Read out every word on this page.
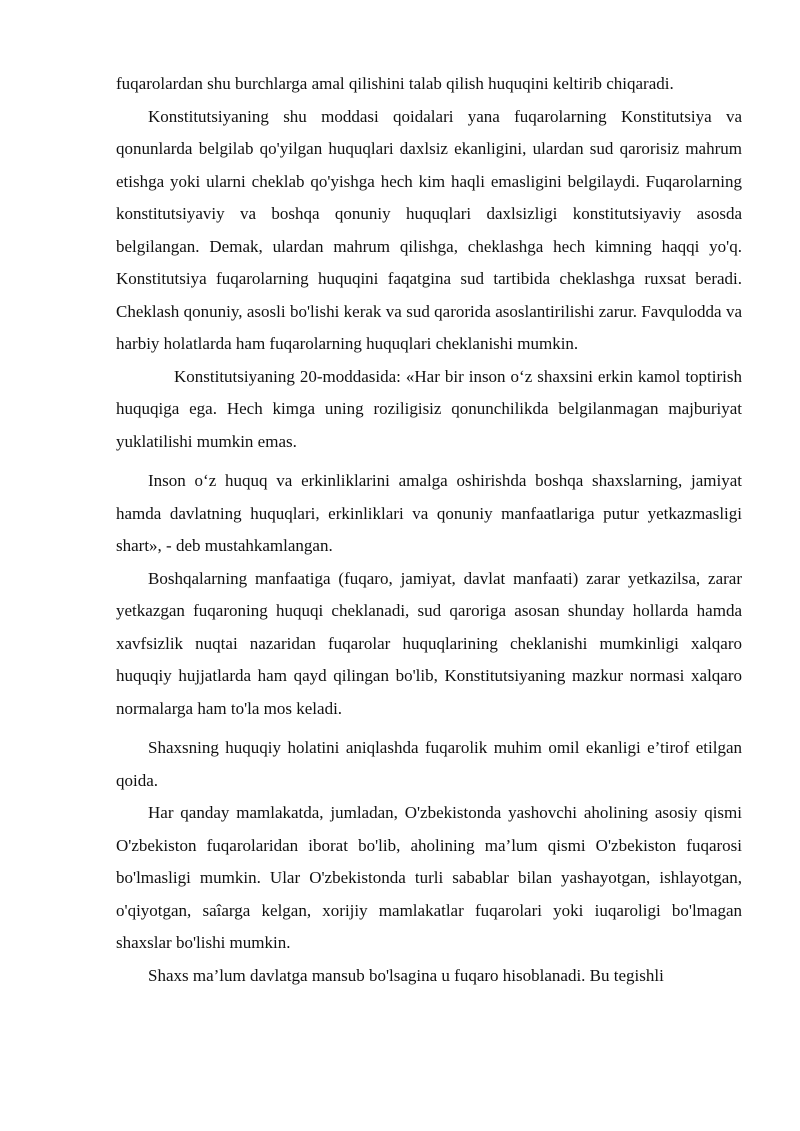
fuqarolardan shu burchlarga amal qilishini talab qilish huquqini keltirib chiqaradi.

Konstitutsiyaning shu moddasi qoidalari yana fuqarolarning Konstitutsiya va qonunlarda belgilab qo'yilgan huquqlari daxlsiz ekanligini, ulardan sud qarorisiz mahrum etishga yoki ularni cheklab qo'yishga hech kim haqli emasligini belgilaydi. Fuqarolarning konstitutsiyaviy va boshqa qonuniy huquqlari daxlsizligi konstitutsiyaviy asosda belgilangan. Demak, ulardan mahrum qilishga, cheklashga hech kimning haqqi yo'q. Konstitutsiya fuqarolarning huquqini faqatgina sud tartibida cheklashga ruxsat beradi. Cheklash qonuniy, asosli bo'lishi kerak va sud qarorida asoslantirilishi zarur. Favqulodda va harbiy holatlarda ham fuqarolarning huquqlari cheklanishi mumkin.

Konstitutsiyaning 20-moddasida: «Har bir inson o‘z shaxsini erkin kamol toptirish huquqiga ega. Hech kimga uning roziligisiz qonunchilikda belgilanmagan majburiyat yuklatilishi mumkin emas.

Inson o‘z huquq va erkinliklarini amalga oshirishda boshqa shaxslarning, jamiyat hamda davlatning huquqlari, erkinliklari va qonuniy manfaatlariga putur yetkazmasligi shart», - deb mustahkamlangan.

Boshqalarning manfaatiga (fuqaro, jamiyat, davlat manfaati) zarar yetkazilsa, zarar yetkazgan fuqaroning huquqi cheklanadi, sud qaroriga asosan shunday hollarda hamda xavfsizlik nuqtai nazaridan fuqarolar huquqlarining cheklanishi mumkinligi xalqaro huquqiy hujjatlarda ham qayd qilingan bo'lib, Konstitutsiyaning mazkur normasi xalqaro normalarga ham to'la mos keladi.

Shaxsning huquqiy holatini aniqlashda fuqarolik muhim omil ekanligi e’tirof etilgan qoida.

Har qanday mamlakatda, jumladan, O'zbekistonda yashovchi aholining asosiy qismi O'zbekiston fuqarolaridan iborat bo'lib, aholining ma’lum qismi O'zbekiston fuqarosi bo'lmasligi mumkin. Ular O'zbekistonda turli sabablar bilan yashayotgan, ishlayotgan, o'qiyotgan, saîarga kelgan, xorijiy mamlakatlar fuqarolari yoki iuqaroligi bo'lmagan shaxslar bo'lishi mumkin.

Shaxs ma’lum davlatga mansub bo'lsagina u fuqaro hisoblanadi. Bu tegishli
